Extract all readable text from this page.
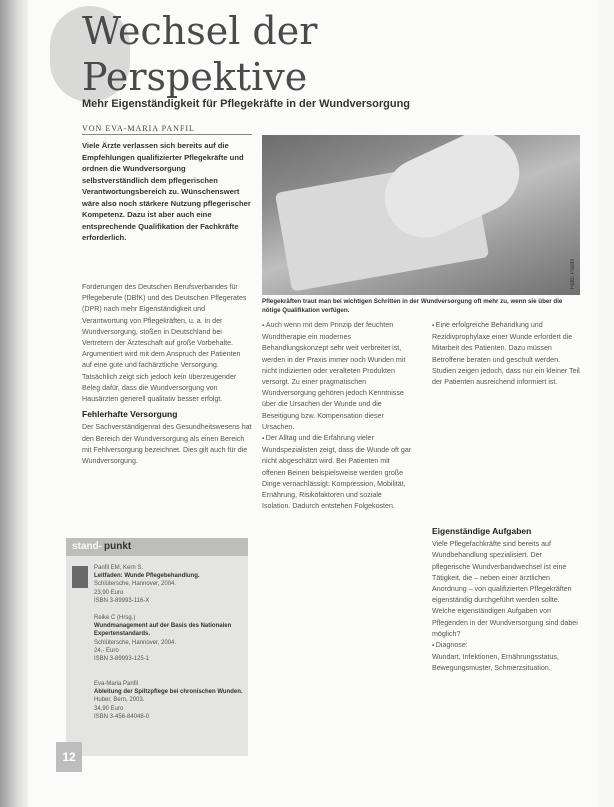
Wechsel der
Perspektive

Mehr Eigenständigkeit für Pflegekräfte in der Wundversorgung

VON EVA-MARIA PANFIL
Viele Ärzte verlassen sich bereits auf die Empfehlungen qualifizierter Pflegekräfte und ordnen die Wundversorgung selbstverständlich dem pflegerischen Verantwortungsbereich zu. Wünschenswert wäre also noch stärkere Nutzung pflegerischer Kompetenz. Dazu ist aber auch eine entsprechende Qualifikation der Fachkräfte erforderlich.
Foto: Panfil
Pflegekräften traut man bei wichtigen Schritten in der Wundversorgung oft mehr zu, wenn sie über die nötige Qualifikation verfügen.

Forderungen des Deutschen Berufsverbandes für Pflegeberufe (DBfK) und des Deutschen Pflegerates (DPR) nach mehr Eigenständigkeit und Verantwortung von Pflegekräften, u. a. in der Wundversorgung, stoßen in Deutschland bei Vertretern der Ärzteschaft auf große Vorbehalte. Argumentiert wird mit dem Anspruch der Patienten auf eine gute und fachärztliche Versorgung. Tatsächlich zeigt sich jedoch kein überzeugender Beleg dafür, dass die Wundversorgung von Hausärzten generell qualitativ besser erfolgt.

Fehlerhafte Versorgung

Der Sachverständigenrat des Gesundheitswesens hat den Bereich der Wundversorgung als einen Bereich mit Fehlversorgung bezeichnet. Dies gilt auch für die Wundversorgung.

▪ Auch wenn mit dem Prinzip der feuchten Wundtherapie ein modernes Behandlungskonzept sehr weit verbreitet ist, werden in der Praxis immer noch Wunden mit nicht indizierten oder veralteten Produkten versorgt. Zu einer pragmatischen Wundversorgung gehören jedoch Kenntnisse über die Ursachen der Wunde und die Beseitigung bzw. Kompensation dieser Ursachen.

▪ Der Alltag und die Erfahrung vieler Wundspezialisten zeigt, dass die Wunde oft gar nicht abgeschätzt wird. Bei Patienten mit offenen Beinen beispielsweise werden große Dinge vernachlässigt: Kompression, Mobilität, Ernährung, Risikofaktoren und soziale Isolation. Dadurch entstehen Folgekosten.

▪ Eine erfolgreiche Behandlung und Rezidivprophylaxe einer Wunde erfordert die Mitarbeit des Patienten. Dazu müssen Betroffene beraten und geschult werden. Studien zeigen jedoch, dass nur ein kleiner Teil der Patienten ausreichend informiert ist.

Eigenständige Aufgaben

Viele Pflegefachkräfte sind bereits auf Wundbehandlung spezialisiert. Der pflegerische Wundverbandwechsel ist eine Tätigkeit, die – neben einer ärztlichen Anordnung – von qualifizierten Pflegekräften eigenständig durchgeführt werden sollte. Welche eigenständigen Aufgaben von Pflegenden in der Wundversorgung sind dabei möglich?

▪ Diagnose:

Wundart, Infektionen, Ernährungsstatus, Bewegungsmuster, Schmerzsituation.

stand- punkt
Panfil EM, Kern S.
Leitfaden: Wunde Pflegebehandlung.
Schlütersche, Hannover, 2004.
23,90 Euro
ISBN 3-89993-116-X
Reike C (Hrsg.)
Wundmanagement auf der Basis des Nationalen Expertenstandards.
Schlütersche, Hannover, 2004.
24,- Euro
ISBN 3-89993-125-1
Eva-Maria Panfil
Ableitung der Spiltzpflege bei chronischen Wunden.
Huber, Bern, 2003.
34,90 Euro
ISBN 3-456-84048-0
12
